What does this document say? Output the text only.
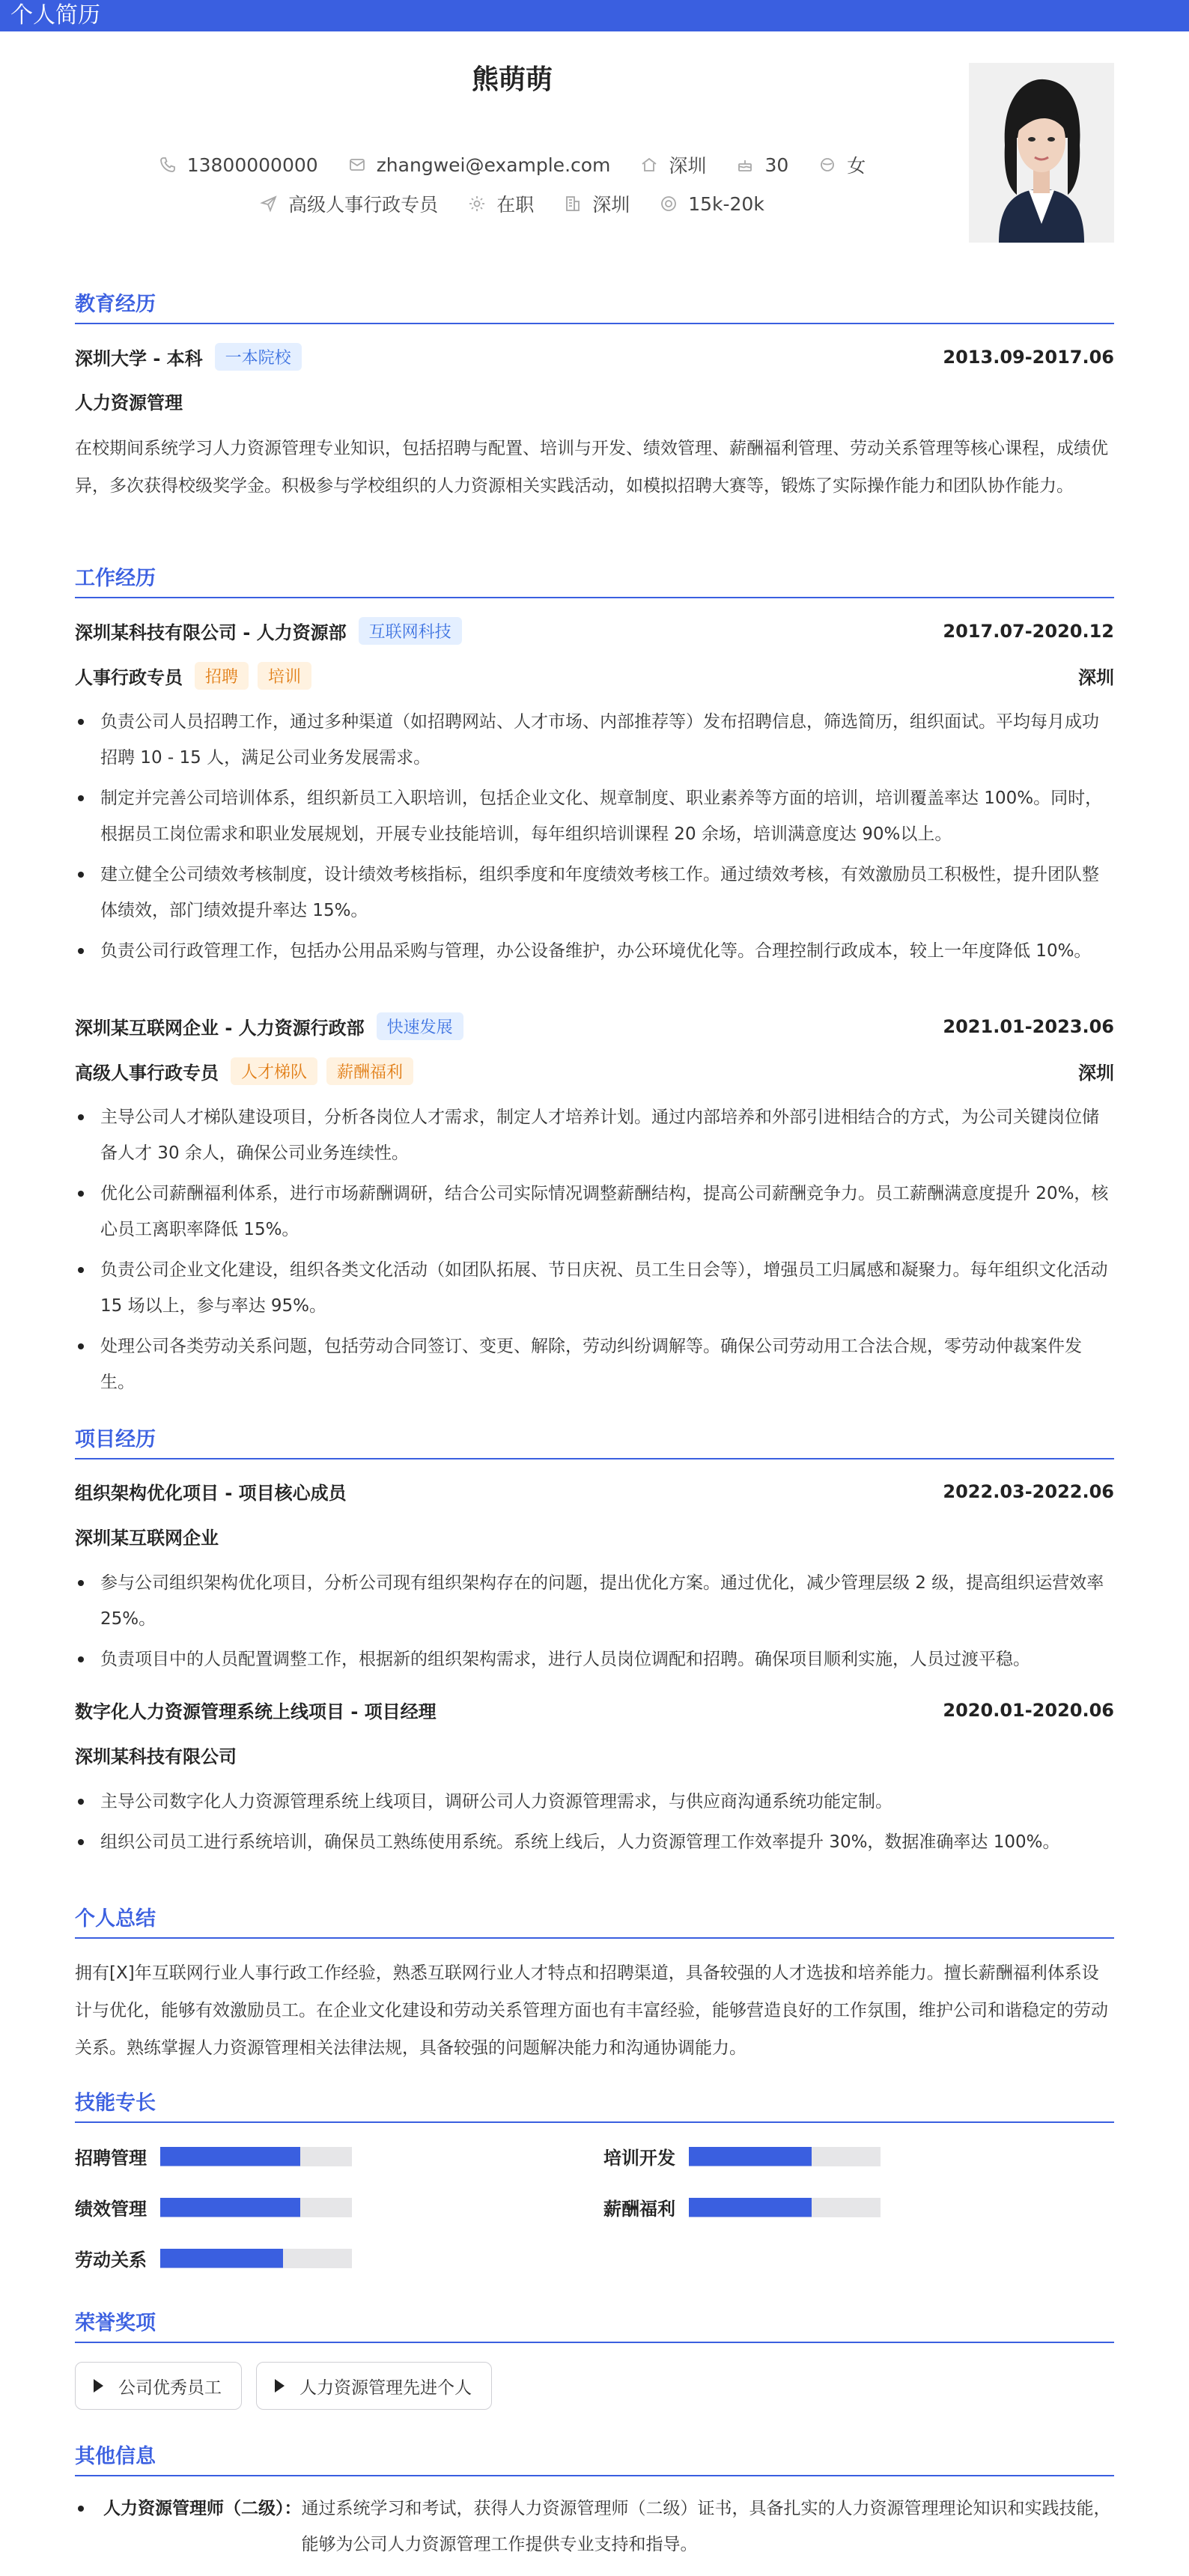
个人简历
熊萌萌
13800000000	zhangwei@example.com	深圳	30	女
高级人事行政专员	在职	深圳	15k-20k
教育经历
深圳大学 - 本科	一本院校	2013.09-2017.06
人力资源管理
在校期间系统学习人力资源管理专业知识，包括招聘与配置、培训与开发、绩效管理、薪酬福利管理、劳动关系管理等核心课程，成绩优异，多次获得校级奖学金。积极参与学校组织的人力资源相关实践活动，如模拟招聘大赛等，锻炼了实际操作能力和团队协作能力。
工作经历
深圳某科技有限公司 - 人力资源部	互联网科技	2017.07-2020.12
人事行政专员	招聘	培训	深圳
负责公司人员招聘工作，通过多种渠道（如招聘网站、人才市场、内部推荐等）发布招聘信息，筛选简历，组织面试。平均每月成功招聘 10 - 15 人，满足公司业务发展需求。
制定并完善公司培训体系，组织新员工入职培训，包括企业文化、规章制度、职业素养等方面的培训，培训覆盖率达 100%。同时，根据员工岗位需求和职业发展规划，开展专业技能培训，每年组织培训课程 20 余场，培训满意度达 90%以上。
建立健全公司绩效考核制度，设计绩效考核指标，组织季度和年度绩效考核工作。通过绩效考核，有效激励员工积极性，提升团队整体绩效，部门绩效提升率达 15%。
负责公司行政管理工作，包括办公用品采购与管理，办公设备维护，办公环境优化等。合理控制行政成本，较上一年度降低 10%。
深圳某互联网企业 - 人力资源行政部	快速发展	2021.01-2023.06
高级人事行政专员	人才梯队	薪酬福利	深圳
主导公司人才梯队建设项目，分析各岗位人才需求，制定人才培养计划。通过内部培养和外部引进相结合的方式，为公司关键岗位储备人才 30 余人，确保公司业务连续性。
优化公司薪酬福利体系，进行市场薪酬调研，结合公司实际情况调整薪酬结构，提高公司薪酬竞争力。员工薪酬满意度提升 20%，核心员工离职率降低 15%。
负责公司企业文化建设，组织各类文化活动（如团队拓展、节日庆祝、员工生日会等），增强员工归属感和凝聚力。每年组织文化活动 15 场以上，参与率达 95%。
处理公司各类劳动关系问题，包括劳动合同签订、变更、解除，劳动纠纷调解等。确保公司劳动用工合法合规，零劳动仲裁案件发生。
项目经历
组织架构优化项目 - 项目核心成员	2022.03-2022.06
深圳某互联网企业
参与公司组织架构优化项目，分析公司现有组织架构存在的问题，提出优化方案。通过优化，减少管理层级 2 级，提高组织运营效率 25%。
负责项目中的人员配置调整工作，根据新的组织架构需求，进行人员岗位调配和招聘。确保项目顺利实施，人员过渡平稳。
数字化人力资源管理系统上线项目 - 项目经理	2020.01-2020.06
深圳某科技有限公司
主导公司数字化人力资源管理系统上线项目，调研公司人力资源管理需求，与供应商沟通系统功能定制。
组织公司员工进行系统培训，确保员工熟练使用系统。系统上线后，人力资源管理工作效率提升 30%，数据准确率达 100%。
个人总结
拥有[X]年互联网行业人事行政工作经验，熟悉互联网行业人才特点和招聘渠道，具备较强的人才选拔和培养能力。擅长薪酬福利体系设计与优化，能够有效激励员工。在企业文化建设和劳动关系管理方面也有丰富经验，能够营造良好的工作氛围，维护公司和谐稳定的劳动关系。熟练掌握人力资源管理相关法律法规，具备较强的问题解决能力和沟通协调能力。
技能专长
招聘管理	培训开发
绩效管理	薪酬福利
劳动关系
荣誉奖项
公司优秀员工	人力资源管理先进个人
其他信息
人力资源管理师（二级）： 通过系统学习和考试，获得人力资源管理师（二级）证书，具备扎实的人力资源管理理论知识和实践技能，能够为公司人力资源管理工作提供专业支持和指导。
